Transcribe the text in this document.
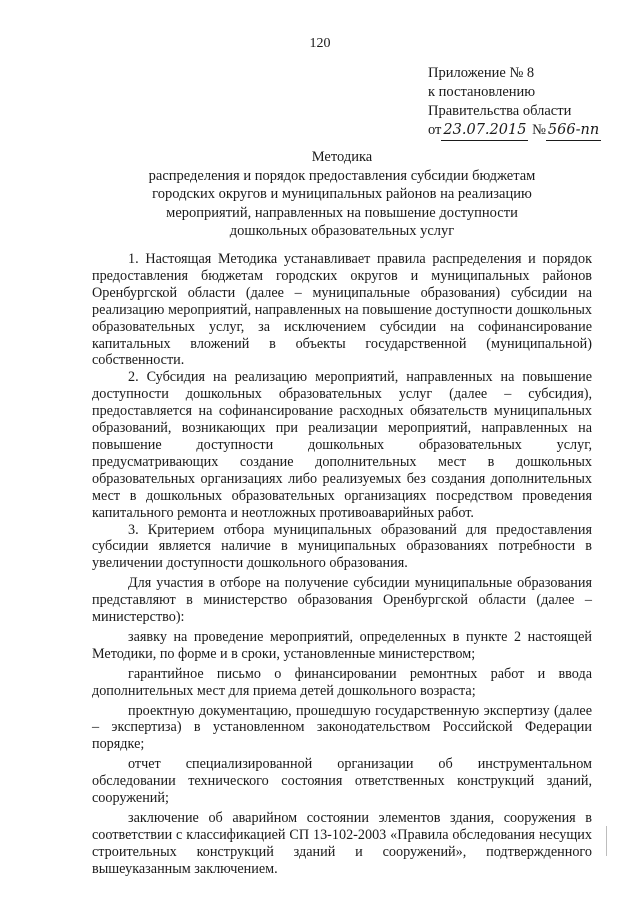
120
Приложение № 8
к постановлению
Правительства области
от 23.07.2015 № 566-пп
Методика
распределения и порядок предоставления субсидии бюджетам
городских округов и муниципальных районов на реализацию
мероприятий, направленных на повышение доступности
дошкольных образовательных услуг

1. Настоящая Методика устанавливает правила распределения и порядок предоставления бюджетам городских округов и муниципальных районов Оренбургской области (далее – муниципальные образования) субсидии на реализацию мероприятий, направленных на повышение доступности дошкольных образовательных услуг, за исключением субсидии на софинансирование капитальных вложений в объекты государственной (муниципальной) собственности.

2. Субсидия на реализацию мероприятий, направленных на повышение доступности дошкольных образовательных услуг (далее – субсидия), предоставляется на софинансирование расходных обязательств муниципальных образований, возникающих при реализации мероприятий, направленных на повышение доступности дошкольных образовательных услуг, предусматривающих создание дополнительных мест в дошкольных образовательных организациях либо реализуемых без создания дополнительных мест в дошкольных образовательных организациях посредством проведения капитального ремонта и неотложных противоаварийных работ.

3. Критерием отбора муниципальных образований для предоставления субсидии является наличие в муниципальных образованиях потребности в увеличении доступности дошкольного образования.

Для участия в отборе на получение субсидии муниципальные образования представляют в министерство образования Оренбургской области (далее – министерство):

заявку на проведение мероприятий, определенных в пункте 2 настоящей Методики, по форме и в сроки, установленные министерством;

гарантийное письмо о финансировании ремонтных работ и ввода дополнительных мест для приема детей дошкольного возраста;

проектную документацию, прошедшую государственную экспертизу (далее – экспертиза) в установленном законодательством Российской Федерации порядке;

отчет специализированной организации об инструментальном обследовании технического состояния ответственных конструкций зданий, сооружений;

заключение об аварийном состоянии элементов здания, сооружения в соответствии с классификацией СП 13-102-2003 «Правила обследования несущих строительных конструкций зданий и сооружений», подтвержденного вышеуказанным заключением.
